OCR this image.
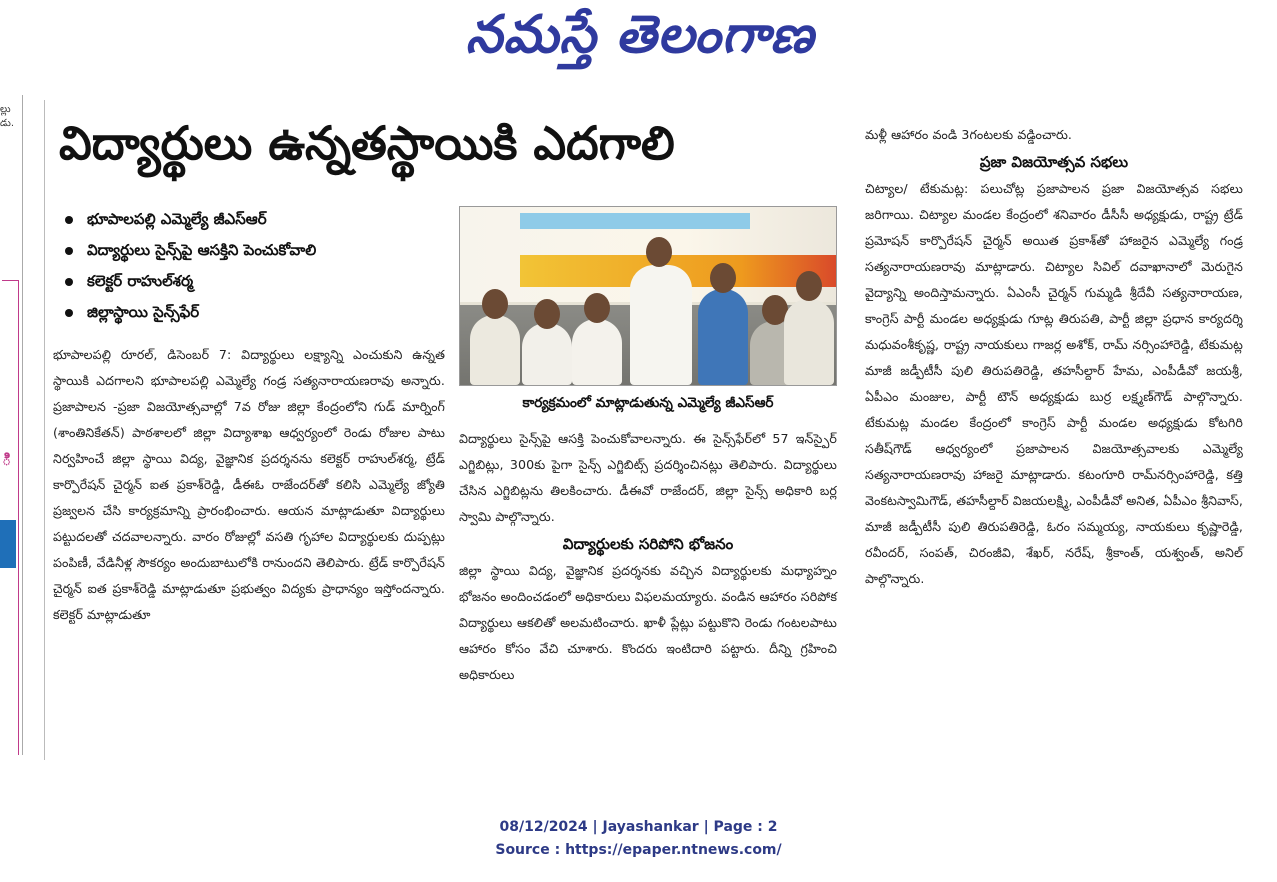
నమస్తే తెలంగాణ
ల్లు
డు.
ి
విద్యార్థులు ఉన్నతస్థాయికి ఎదగాలి
భూపాలపల్లి ఎమ్మెల్యే జీఎస్ఆర్
విద్యార్థులు సైన్స్‌పై ఆసక్తిని పెంచుకోవాలి
కలెక్టర్ రాహుల్‌శర్మ
జిల్లాస్థాయి సైన్స్‌ఫేర్

భూపాలపల్లి రూరల్, డిసెంబర్ 7: విద్యార్థులు లక్ష్యాన్ని ఎంచుకుని ఉన్నత స్థాయికి ఎదగాలని భూపాలపల్లి ఎమ్మెల్యే గండ్ర సత్యనారాయణరావు అన్నారు. ప్రజాపాలన -ప్రజా విజయోత్సవాల్లో 7వ రోజు జిల్లా కేంద్రంలోని గుడ్ మార్నింగ్ (శాంతినికేతన్) పాఠశాలలో జిల్లా విద్యాశాఖ ఆధ్వర్యంలో రెండు రోజుల పాటు నిర్వహించే జిల్లా స్థాయి విద్య, వైజ్ఞానిక ప్రదర్శనను కలెక్టర్ రాహుల్‌శర్మ, ట్రేడ్ కార్పొరేషన్ చైర్మన్ ఐత ప్రకాశ్‌రెడ్డి, డీఈఓ రాజేందర్‌తో కలిసి ఎమ్మెల్యే జ్యోతి ప్రజ్వలన చేసి కార్యక్రమాన్ని ప్రారంభించారు. ఆయన మాట్లాడుతూ విద్యార్థులు పట్టుదలతో చదవాలన్నారు. వారం రోజుల్లో వసతి గృహాల విద్యార్థులకు దుప్పట్లు పంపిణీ, వేడినీళ్ల సౌకర్యం అందుబాటులోకి రానుందని తెలిపారు. ట్రేడ్ కార్పొరేషన్ చైర్మన్ ఐత ప్రకాశ్‌రెడ్డి మాట్లాడుతూ ప్రభుత్వం విద్యకు ప్రాధాన్యం ఇస్తోందన్నారు. కలెక్టర్ మాట్లాడుతూ

కార్యక్రమంలో మాట్లాడుతున్న ఎమ్మెల్యే జీఎస్ఆర్

విద్యార్థులు సైన్స్‌పై ఆసక్తి పెంచుకోవాలన్నారు. ఈ సైన్స్‌ఫేర్‌లో 57 ఇన్‌స్పైర్ ఎగ్జిబిట్లు, 300కు పైగా సైన్స్ ఎగ్జిబిట్స్ ప్రదర్శించినట్లు తెలిపారు. విద్యార్థులు చేసిన ఎగ్జిబిట్లను తిలకించారు. డీఈవో రాజేందర్, జిల్లా సైన్స్ అధికారి బర్ల స్వామి పాల్గొన్నారు.

విద్యార్థులకు సరిపోని భోజనం

జిల్లా స్థాయి విద్య, వైజ్ఞానిక ప్రదర్శనకు వచ్చిన విద్యార్థులకు మధ్యాహ్నం భోజనం అందించడంలో అధికారులు విఫలమయ్యారు. వండిన ఆహారం సరిపోక విద్యార్థులు ఆకలితో అలమటించారు. ఖాళీ ప్లేట్లు పట్టుకొని రెండు గంటలపాటు ఆహారం కోసం వేచి చూశారు. కొందరు ఇంటిదారి పట్టారు. దీన్ని గ్రహించి అధికారులు

మళ్లీ ఆహారం వండి 3గంటలకు వడ్డించారు.

ప్రజా విజయోత్సవ సభలు

చిట్యాల/ టేకుమట్ల: పలుచోట్ల ప్రజాపాలన ప్రజా విజయోత్సవ సభలు జరిగాయి. చిట్యాల మండల కేంద్రంలో శనివారం డీసీసీ అధ్యక్షుడు, రాష్ట్ర ట్రేడ్ ప్రమోషన్ కార్పొరేషన్ చైర్మన్ అయిత ప్రకాశ్‌తో హాజరైన ఎమ్మెల్యే గండ్ర సత్యనారాయణరావు మాట్లాడారు. చిట్యాల సివిల్ దవాఖానాలో మెరుగైన వైద్యాన్ని అందిస్తామన్నారు. ఏఎంసీ చైర్మన్ గుమ్మడి శ్రీదేవీ సత్యనారాయణ, కాంగ్రెస్ పార్టీ మండల అధ్యక్షుడు గూట్ల తిరుపతి, పార్టీ జిల్లా ప్రధాన కార్యదర్శి మధువంశీకృష్ణ, రాష్ట్ర నాయకులు గాజర్ల అశోక్, రామ్ నర్సింహారెడ్డి, టేకుమట్ల మాజీ జడ్పీటీసీ పులి తిరుపతిరెడ్డి, తహసీల్దార్ హేమ, ఎంపీడీవో జయశ్రీ, ఏపీఎం మంజుల, పార్టీ టౌన్ అధ్యక్షుడు బుర్ర లక్ష్మణ్‌గౌడ్ పాల్గొన్నారు. టేకుమట్ల మండల కేంద్రంలో కాంగ్రెస్ పార్టీ మండల అధ్యక్షుడు కోటగిరి సతీష్‌గౌడ్ ఆధ్వర్యంలో ప్రజాపాలన విజయోత్సవాలకు ఎమ్మెల్యే సత్యనారాయణరావు హాజరై మాట్లాడారు. కటంగూరి రామ్‌నర్సింహారెడ్డి, కత్తి వెంకటస్వామిగౌడ్, తహసీల్దార్ విజయలక్ష్మి, ఎంపీడీవో అనిత, ఏపీఎం శ్రీనివాస్, మాజీ జడ్పీటీసీ పులి తిరుపతిరెడ్డి, ఓరం సమ్మయ్య, నాయకులు కృష్ణారెడ్డి, రవీందర్, సంపత్, చిరంజీవి, శేఖర్, నరేష్, శ్రీకాంత్, యశ్వంత్, అనిల్ పాల్గొన్నారు.

08/12/2024 | Jayashankar | Page : 2
Source : https://epaper.ntnews.com/
